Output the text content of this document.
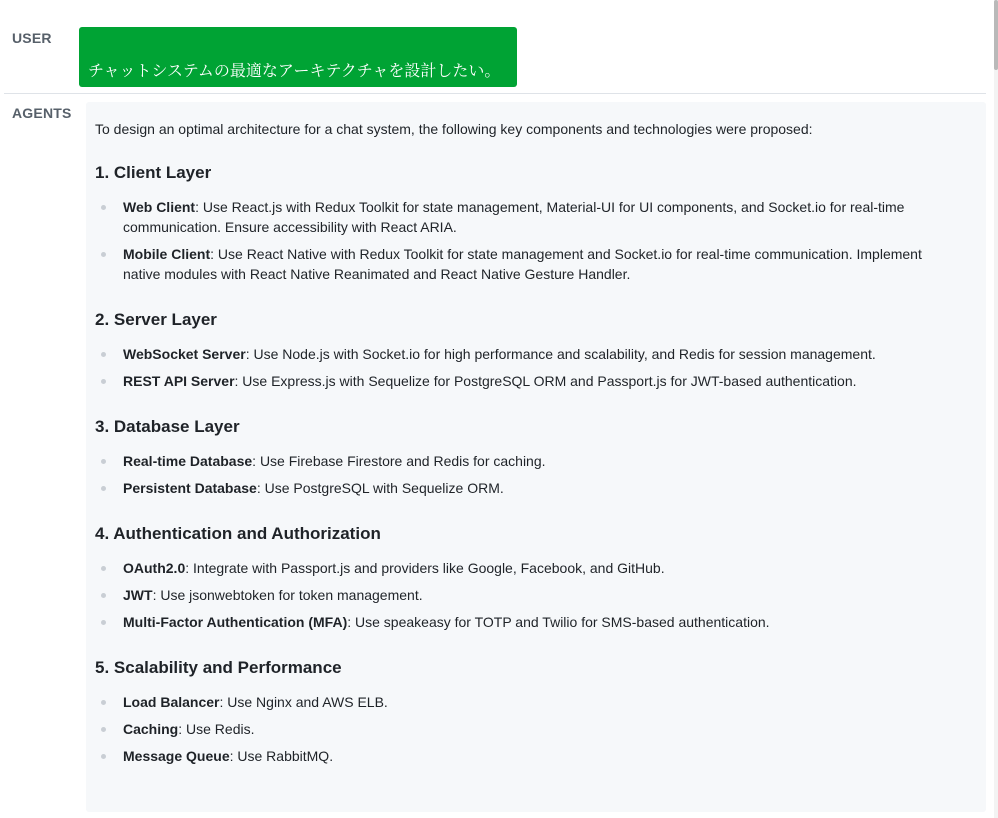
USER
チャットシステムの最適なアーキテクチャを設計したい。
AGENTS

To design an optimal architecture for a chat system, the following key components and technologies were proposed:

1. Client Layer
Web Client: Use React.js with Redux Toolkit for state management, Material-UI for UI components, and Socket.io for real-time communication. Ensure accessibility with React ARIA.
Mobile Client: Use React Native with Redux Toolkit for state management and Socket.io for real-time communication. Implement native modules with React Native Reanimated and React Native Gesture Handler.
2. Server Layer
WebSocket Server: Use Node.js with Socket.io for high performance and scalability, and Redis for session management.
REST API Server: Use Express.js with Sequelize for PostgreSQL ORM and Passport.js for JWT-based authentication.
3. Database Layer
Real-time Database: Use Firebase Firestore and Redis for caching.
Persistent Database: Use PostgreSQL with Sequelize ORM.
4. Authentication and Authorization
OAuth2.0: Integrate with Passport.js and providers like Google, Facebook, and GitHub.
JWT: Use jsonwebtoken for token management.
Multi-Factor Authentication (MFA): Use speakeasy for TOTP and Twilio for SMS-based authentication.
5. Scalability and Performance
Load Balancer: Use Nginx and AWS ELB.
Caching: Use Redis.
Message Queue: Use RabbitMQ.
